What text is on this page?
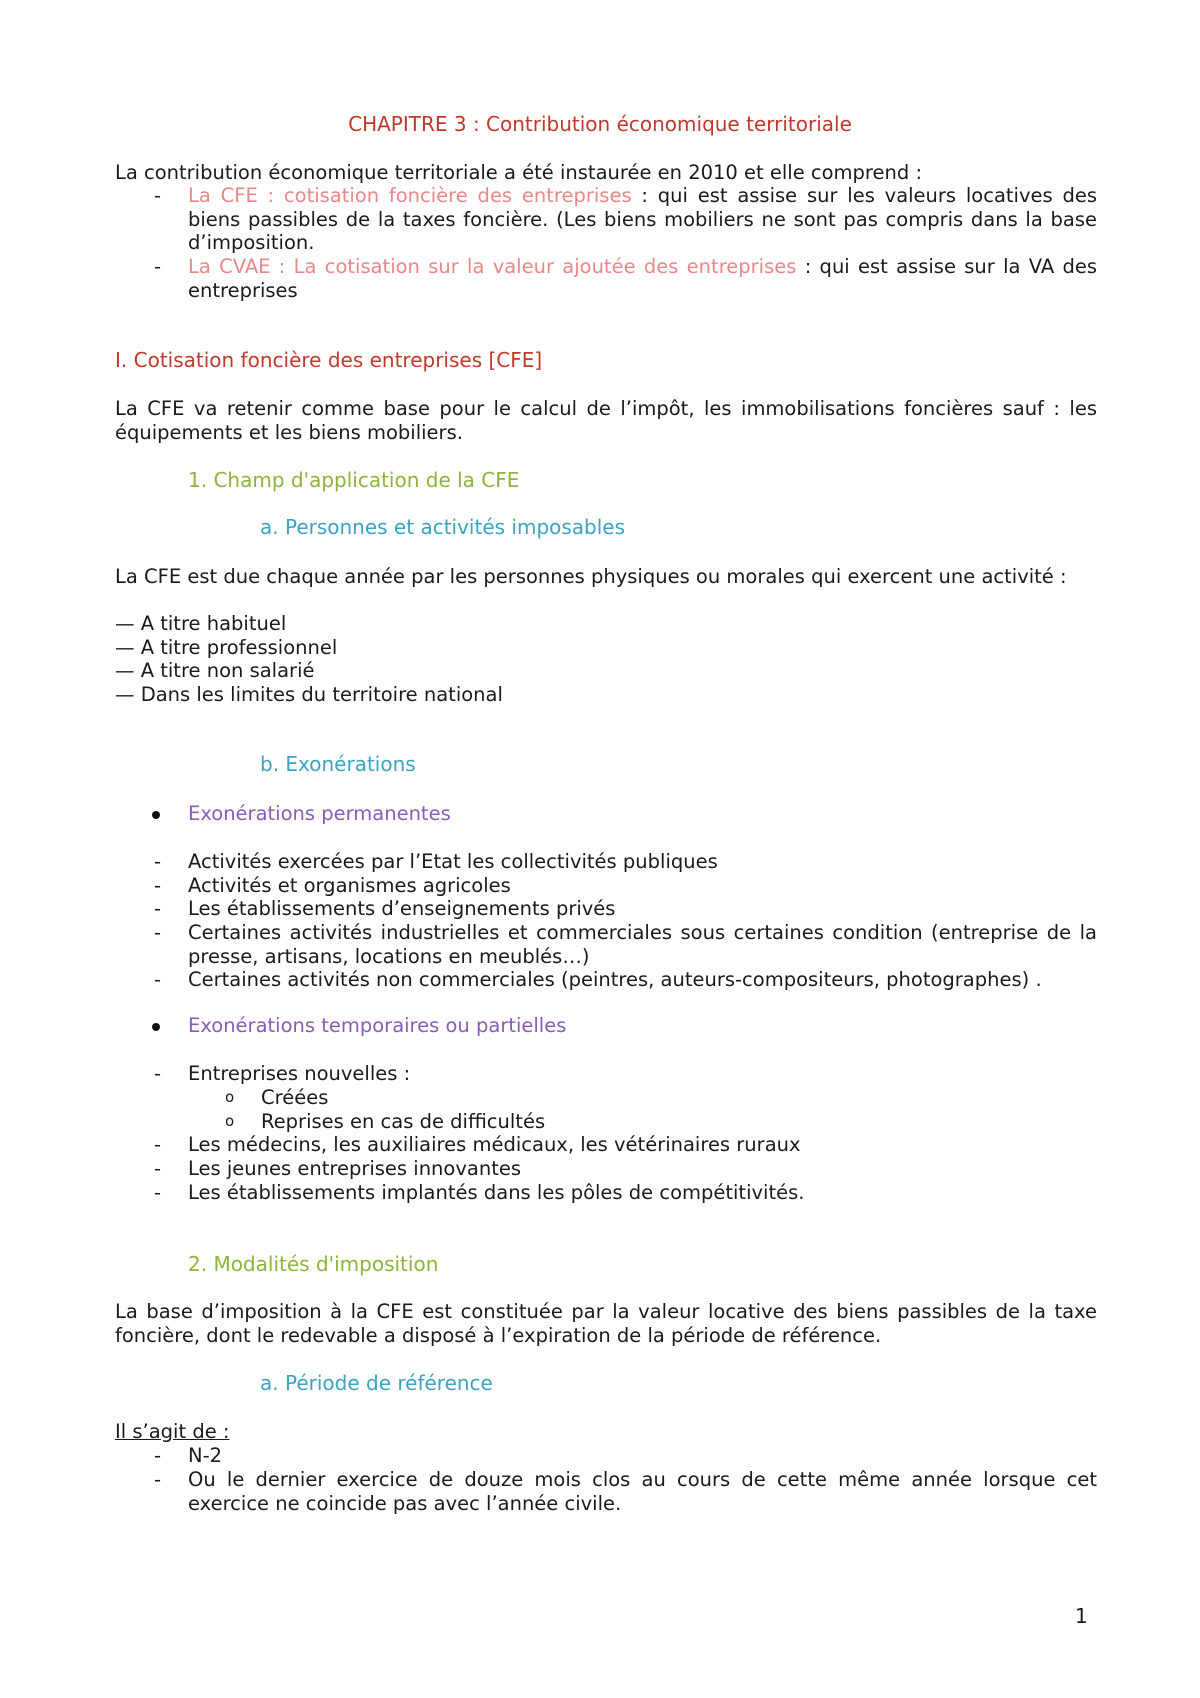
CHAPITRE 3 : Contribution économique territoriale
La contribution économique territoriale a été instaurée en 2010 et elle comprend :
- La CFE : cotisation foncière des entreprises : qui est assise sur les valeurs locatives des biens passibles de la taxes foncière. (Les biens mobiliers ne sont pas compris dans la base d’imposition.
- La CVAE : La cotisation sur la valeur ajoutée des entreprises : qui est assise sur la VA des entreprises
I. Cotisation foncière des entreprises [CFE]
La CFE va retenir comme base pour le calcul de l’impôt, les immobilisations foncières sauf : les équipements et les biens mobiliers.
1. Champ d'application de la CFE
a. Personnes et activités imposables
La CFE est due chaque année par les personnes physiques ou morales qui exercent une activité :
— A titre habituel
— A titre professionnel
— A titre non salarié
— Dans les limites du territoire national
b. Exonérations
Exonérations permanentes
- Activités exercées par l’Etat les collectivités publiques
- Activités et organismes agricoles
- Les établissements d’enseignements privés
- Certaines activités industrielles et commerciales sous certaines condition (entreprise de la presse, artisans, locations en meublés…)
- Certaines activités non commerciales (peintres, auteurs-compositeurs, photographes) .
Exonérations temporaires ou partielles
- Entreprises nouvelles :
o Créées
o Reprises en cas de difficultés
- Les médecins, les auxiliaires médicaux, les vétérinaires ruraux
- Les jeunes entreprises innovantes
- Les établissements implantés dans les pôles de compétitivités.
2. Modalités d'imposition
La base d’imposition à la CFE est constituée par la valeur locative des biens passibles de la taxe foncière, dont le redevable a disposé à l’expiration de la période de référence.
a. Période de référence
Il s’agit de :
- N-2
- Ou le dernier exercice de douze mois clos au cours de cette même année lorsque cet exercice ne coincide pas avec l’année civile.
1
